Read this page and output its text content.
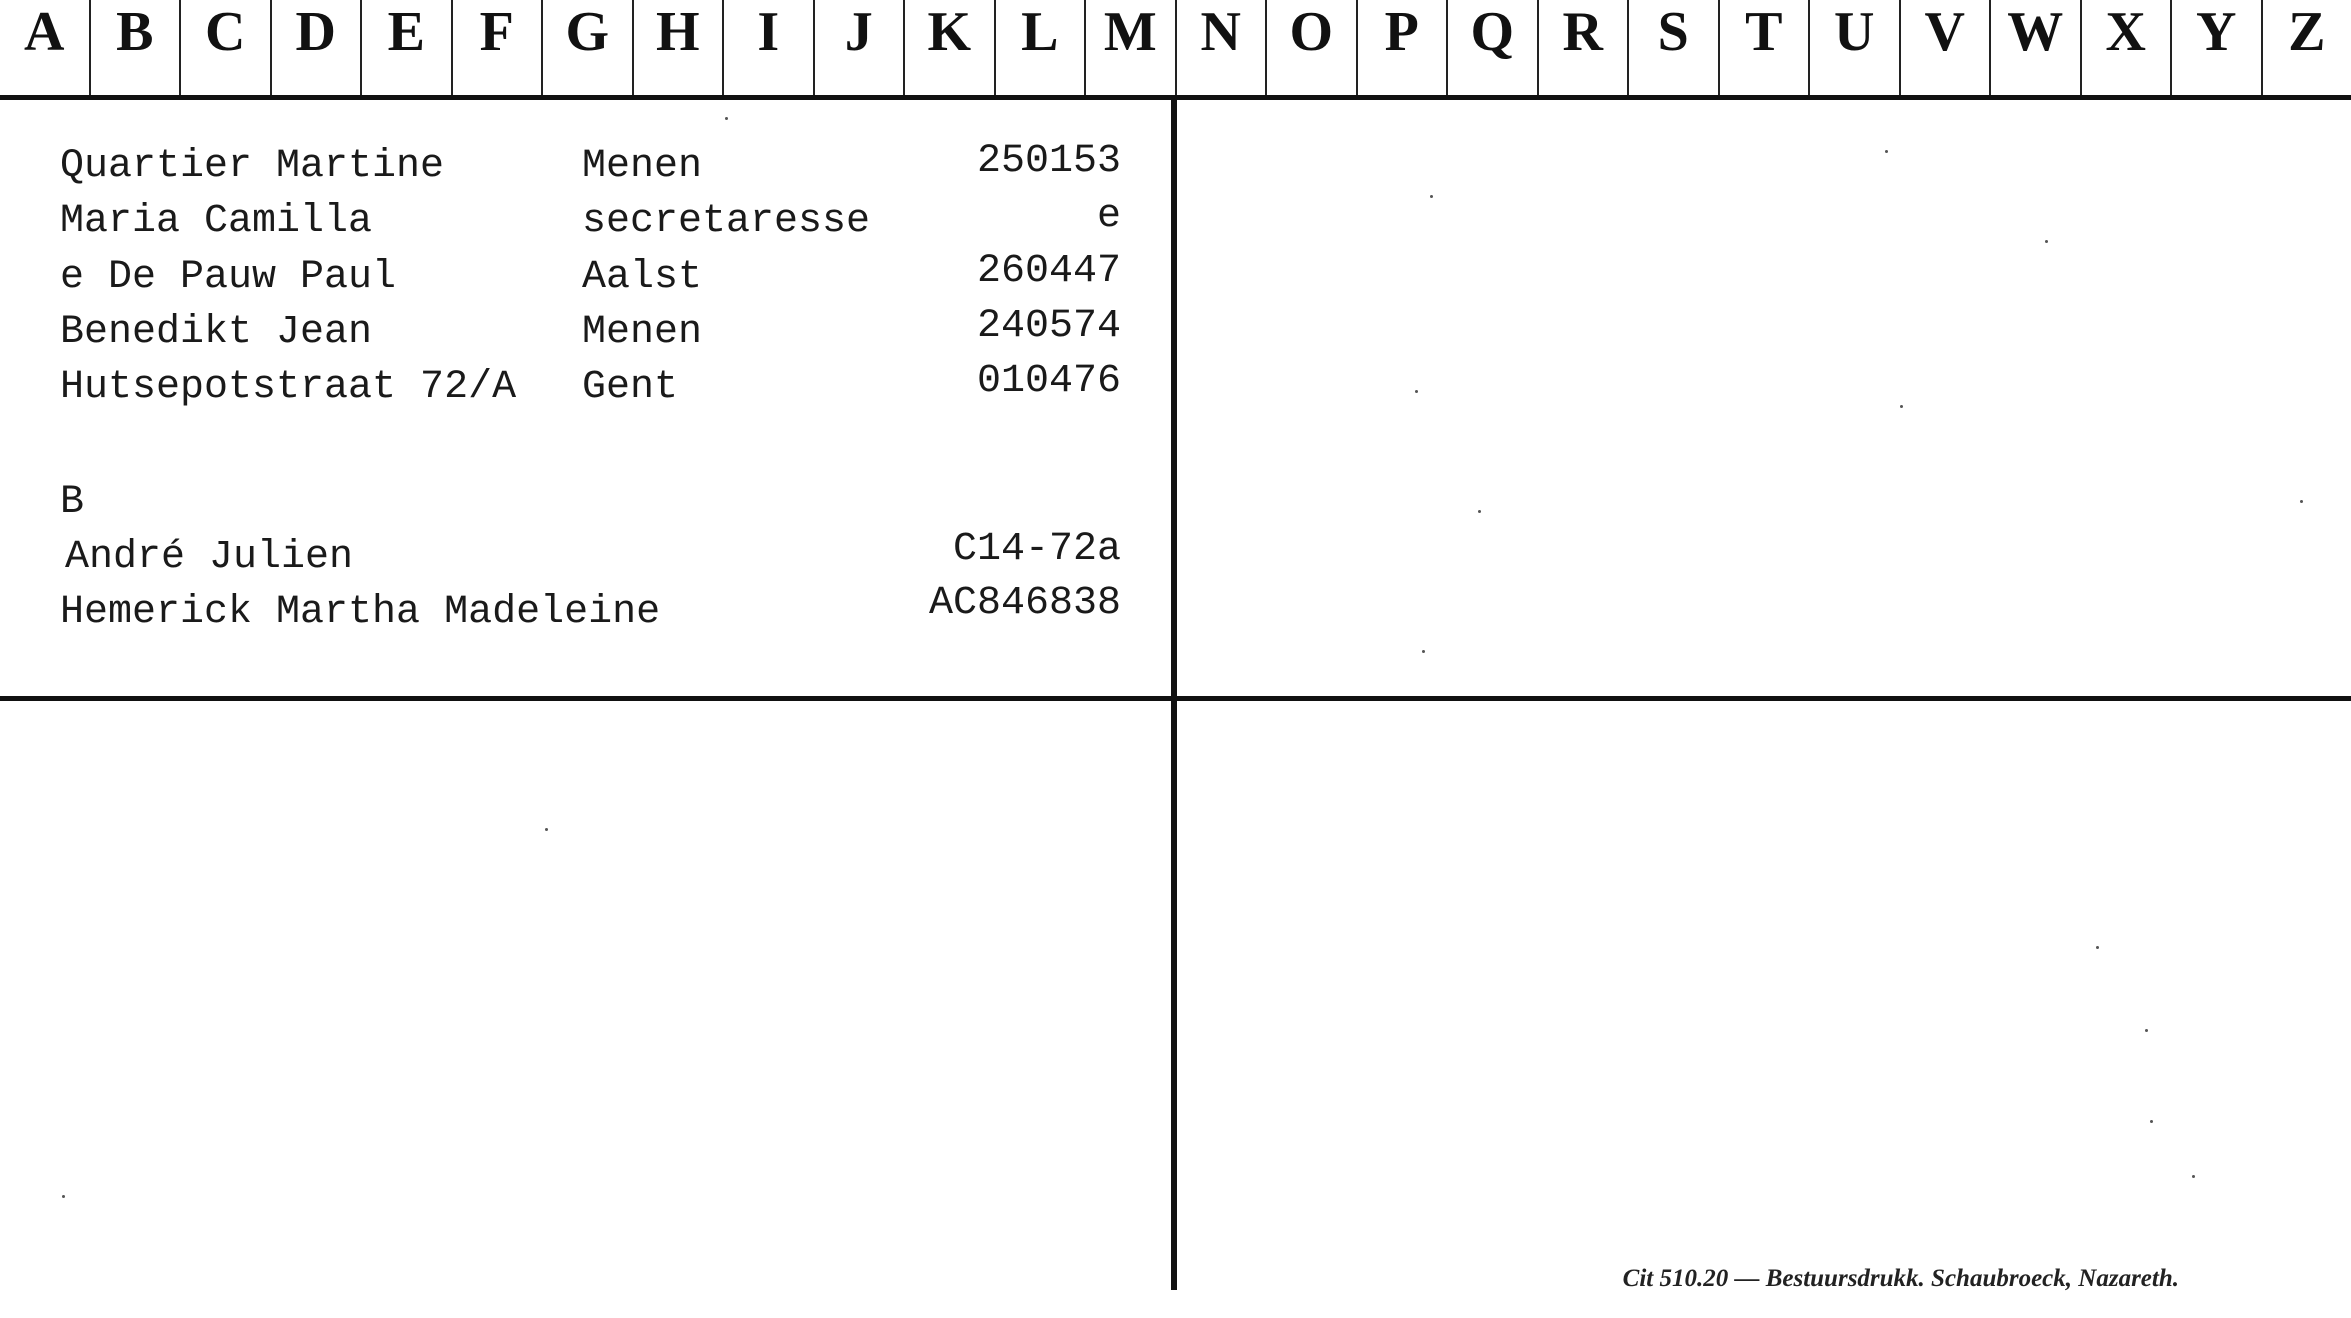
A B C D E F G H	I	J K L M N O P Q R S	T U V W X Y Z
Quartier Martine	Menen	250153
Maria Camilla	secretaresse	e
e De Pauw Paul	Aalst	260447
Benedikt Jean	Menen	240574
Hutsepotstraat 72/A Gent	010476
B
André Julien	C14-72a
Hemerick Martha Madeleine	AC846838
Cit 510.20 — Bestuursdrukk. Schaubroeck, Nazareth.
